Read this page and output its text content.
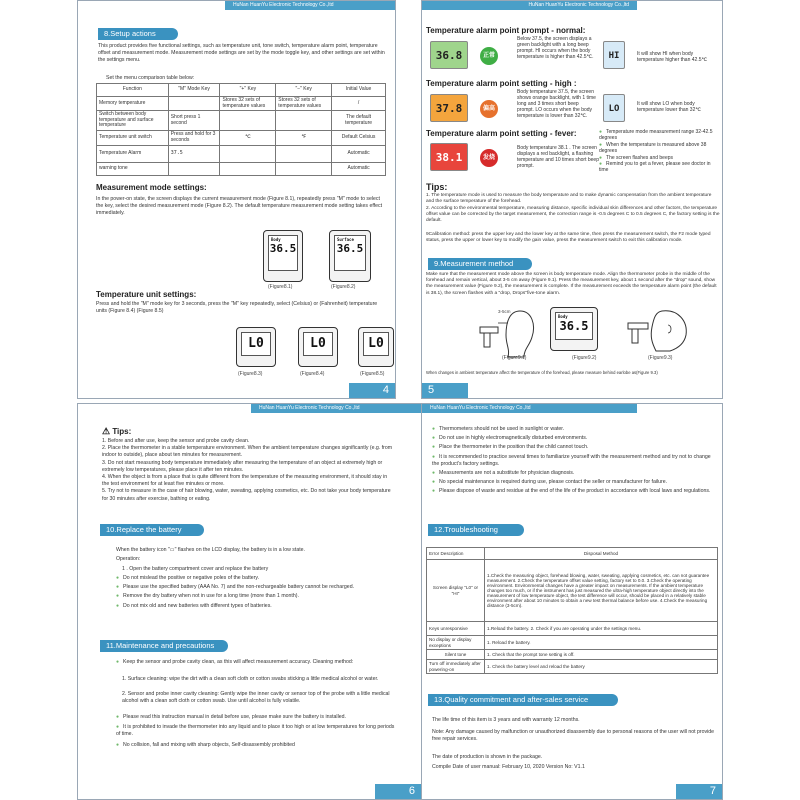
HuNan HuanYu Electronic Technology Co.,ltd
8.Setup actions
This product provides five functional settings, such as temperature unit, tone switch, temperature alarm point, temperature offset and measurement mode. Measurement mode settings are set by the mode toggle key, and other settings are set within the settings menu.
Set the menu comparison table below:
Function	"M" Mode Key	"+" Key	"−" Key	Initial Value
Memory temperature		Stores 32 sets of temperature values	Stores 32 sets of temperature values	/
Switch between body temperature and surface temperature	Short press 1 second			The default temperature
Temperature unit switch	Press and hold for 3 seconds	℃	℉	Default Celsius
Temperature Alarm	37.5			Automatic
warning tone				Automatic
Measurement mode settings:
In the power-on state, the screen displays the current measurement mode (Figure 8.1), repeatedly press "M" mode to select the key, select the desired measurement mode (Figure 8.2). The default temperature measurement mode setting takes effect immediately.
Body
36.5
(Figure8.1)
Surface
36.5
(Figure8.2)
Temperature unit settings:
Press and hold the "M" mode key for 3 seconds, press the "M" key repeatedly, select (Celsius) or (Fahrenheit) temperature units (Figure 8.4) (Figure 8.5)
L0
(Figure8.3)
L0
(Figure8.4)
L0
(Figure8.5)
4
HuNan HuanYu Electronic Technology Co.,ltd
Temperature alarm point prompt - normal:
36.8	正常
Below 37.5, the screen displays a green backlight with a long beep prompt. HI occurs when the body temperature is higher than 42.5℃.	HI	It will show HI when body temperature higher than 42.5℃
Temperature alarm point setting - high :
37.8	偏高
Body temperature 37.5, the screen shows orange backlight, with 1 time long and 3 times short beep prompt. LO occurs when the body temperature is lower than 32℃.
LO	It will show LO when body temperature lower than 32℃
Temperature alarm point setting - fever:
38.1	发烧
Body temperature 38.1 . The screen displays a red backlight, a flashing temperature and 10 times short beep prompt.
● Temperature mode measurement range 32-42.5 degrees
● When the temperature is measured above 38 degrees
● The screen flashes and beeps
● Remind you to get a fever, please see doctor in time
Tips:
1. The temperature mode is used to measure the body temperature and to make dynamic compensation from the ambient temperature and the surface temperature of the forehead.
2. According to the environmental temperature, measuring distance, specific individual skin differences and other factors, the temperature offset value can be corrected by the target measurement, the correction range is -0.5 degrees C to 0.5 degrees C, the factory setting is the default.
9Calibration method: press the upper key and the lower key at the same time, then press the measurement switch, the F2 mode typed status, press the upper or lower key to modify the gain value, press the measurement switch to exit this calibration mode.
9.Measurement method
Make sure that the measurement mode above the screen is body temperature mode. Align the thermometer probe in the middle of the forehead and remain vertical, about 3-5 cm away (Figure 9.1). Press the measurement key, about 1 second after the "drop" sound, show the measurement value (Figure 9.2), the measurement is complete. If the measurement exceeds the temperature alarm point (the default is 38.1), the screen flashes with a "drop, Drops"five-tone alarm.
3-5cm
(Figure9.1)
Body
36.5
(Figure9.2)	(Figure9.3)
When changes in ambient temperature affect the temperature of the forehead, please measure behind earlobe as(Figure 9.3)
5
HuNan HuanYu Electronic Technology Co.,ltd
⚠ Tips:
1. Before and after use, keep the sensor and probe cavity clean.
2. Place the thermometer in a stable temperature environment. When the ambient temperature changes significantly (e.g. from indoor to outside), place about ten minutes for measurement.
3. Do not start measuring body temperature immediately after measuring the temperature of an object at extremely high or extremely low temperatures, please place it after ten minutes.
4. When the object is from a place that is quite different from the temperature of the measuring environment, it should stay in the test environment for at least five minutes or more.
5. Try not to measure in the case of hair blowing, water, sweating, applying cosmetics, etc. Do not take your body temperature for 30 minutes after exercise, bathing or eating.
10.Replace the battery
When the battery icon "▭" flashes on the LCD display, the battery is in a low state.
Operation:
1 . Open the battery compartment cover and replace the battery
● Do not mislead the positive or negative poles of the battery.
● Please use the specified battery (AAA No. 7) and the non-rechargeable battery cannot be recharged.
● Remove the dry battery when not in use for a long time (more than 1 month).
● Do not mix old and new batteries with different types of batteries.
11.Maintenance and precautions
● Keep the sensor and probe cavity clean, as this will affect measurement accuracy. Cleaning method:
1. Surface cleaning: wipe the dirt with a clean soft cloth or cotton swabs sticking a little medical alcohol or water.
2. Sensor and probe inner cavity cleaning: Gently wipe the inner cavity or sensor top of the probe with a little medical alcohol with a clean soft cloth or cotton swab. Use until alcohol is fully volatile.
● Please read this instruction manual in detail before use, please make sure the battery is installed.
● It is prohibited to invade the thermometer into any liquid and to place it too high or at low temperatures for long periods of time.
● No collision, fall and mixing with sharp objects, Self-disassembly prohibited
6
HuNan HuanYu Electronic Technology Co.,ltd
● Thermometers should not be used in sunlight or water.
● Do not use in highly electromagnetically disturbed environments.
● Place the thermometer in the position that the child cannot touch.
● It is recommended to practice several times to familiarize yourself with the measurement method and try not to change the product's factory settings.
● Measurements are not a substitute for physician diagnosis.
● No special maintenance is required during use, please contact the seller or manufacturer for failure.
● Please dispose of waste and residue at the end of the life of the product in accordance with local laws and regulations.
12.Troubleshooting
Error Description	Disposal Method
Screen display "L0" or "HI"	1.Check the measuring object, forehead blowing, water, sweating, applying cosmetics, etc. can not guarantee measurement. 2.Check the temperature offset value setting, factory set to 0.0. 3.Check the operating environment. Environmental changes have a greater impact on measurements. If the ambient temperature changes too much, or if the instrument has just measured the ultra-high temperature object directly into the measurement of low temperature object, the test difference will occur, should be placed in a relatively stable environment after about 10 minutes to obtain a new test thermal balance before use. 4.Check the measuring distance (3-5cm).
Keys unresponsive	1.Reload the battery. 2. Check if you are operating under the settings menu.
No display or display exceptions	1. Reload the battery.
Silent tone	1. Check that the prompt tone setting is off.
Turn off immediately after powering-on	1. Check the battery level and reload the battery
13.Quality commitment and after-sales service
The life time of this item is 3 years and with warranty 12 months.
Note: Any damage caused by malfunction or unauthorized disassembly due to personal reasons of the user will not provide free repair services.
The date of production is shown in the package.
Compile Date of user manual: February 10, 2020 Version No: V1.1
7
